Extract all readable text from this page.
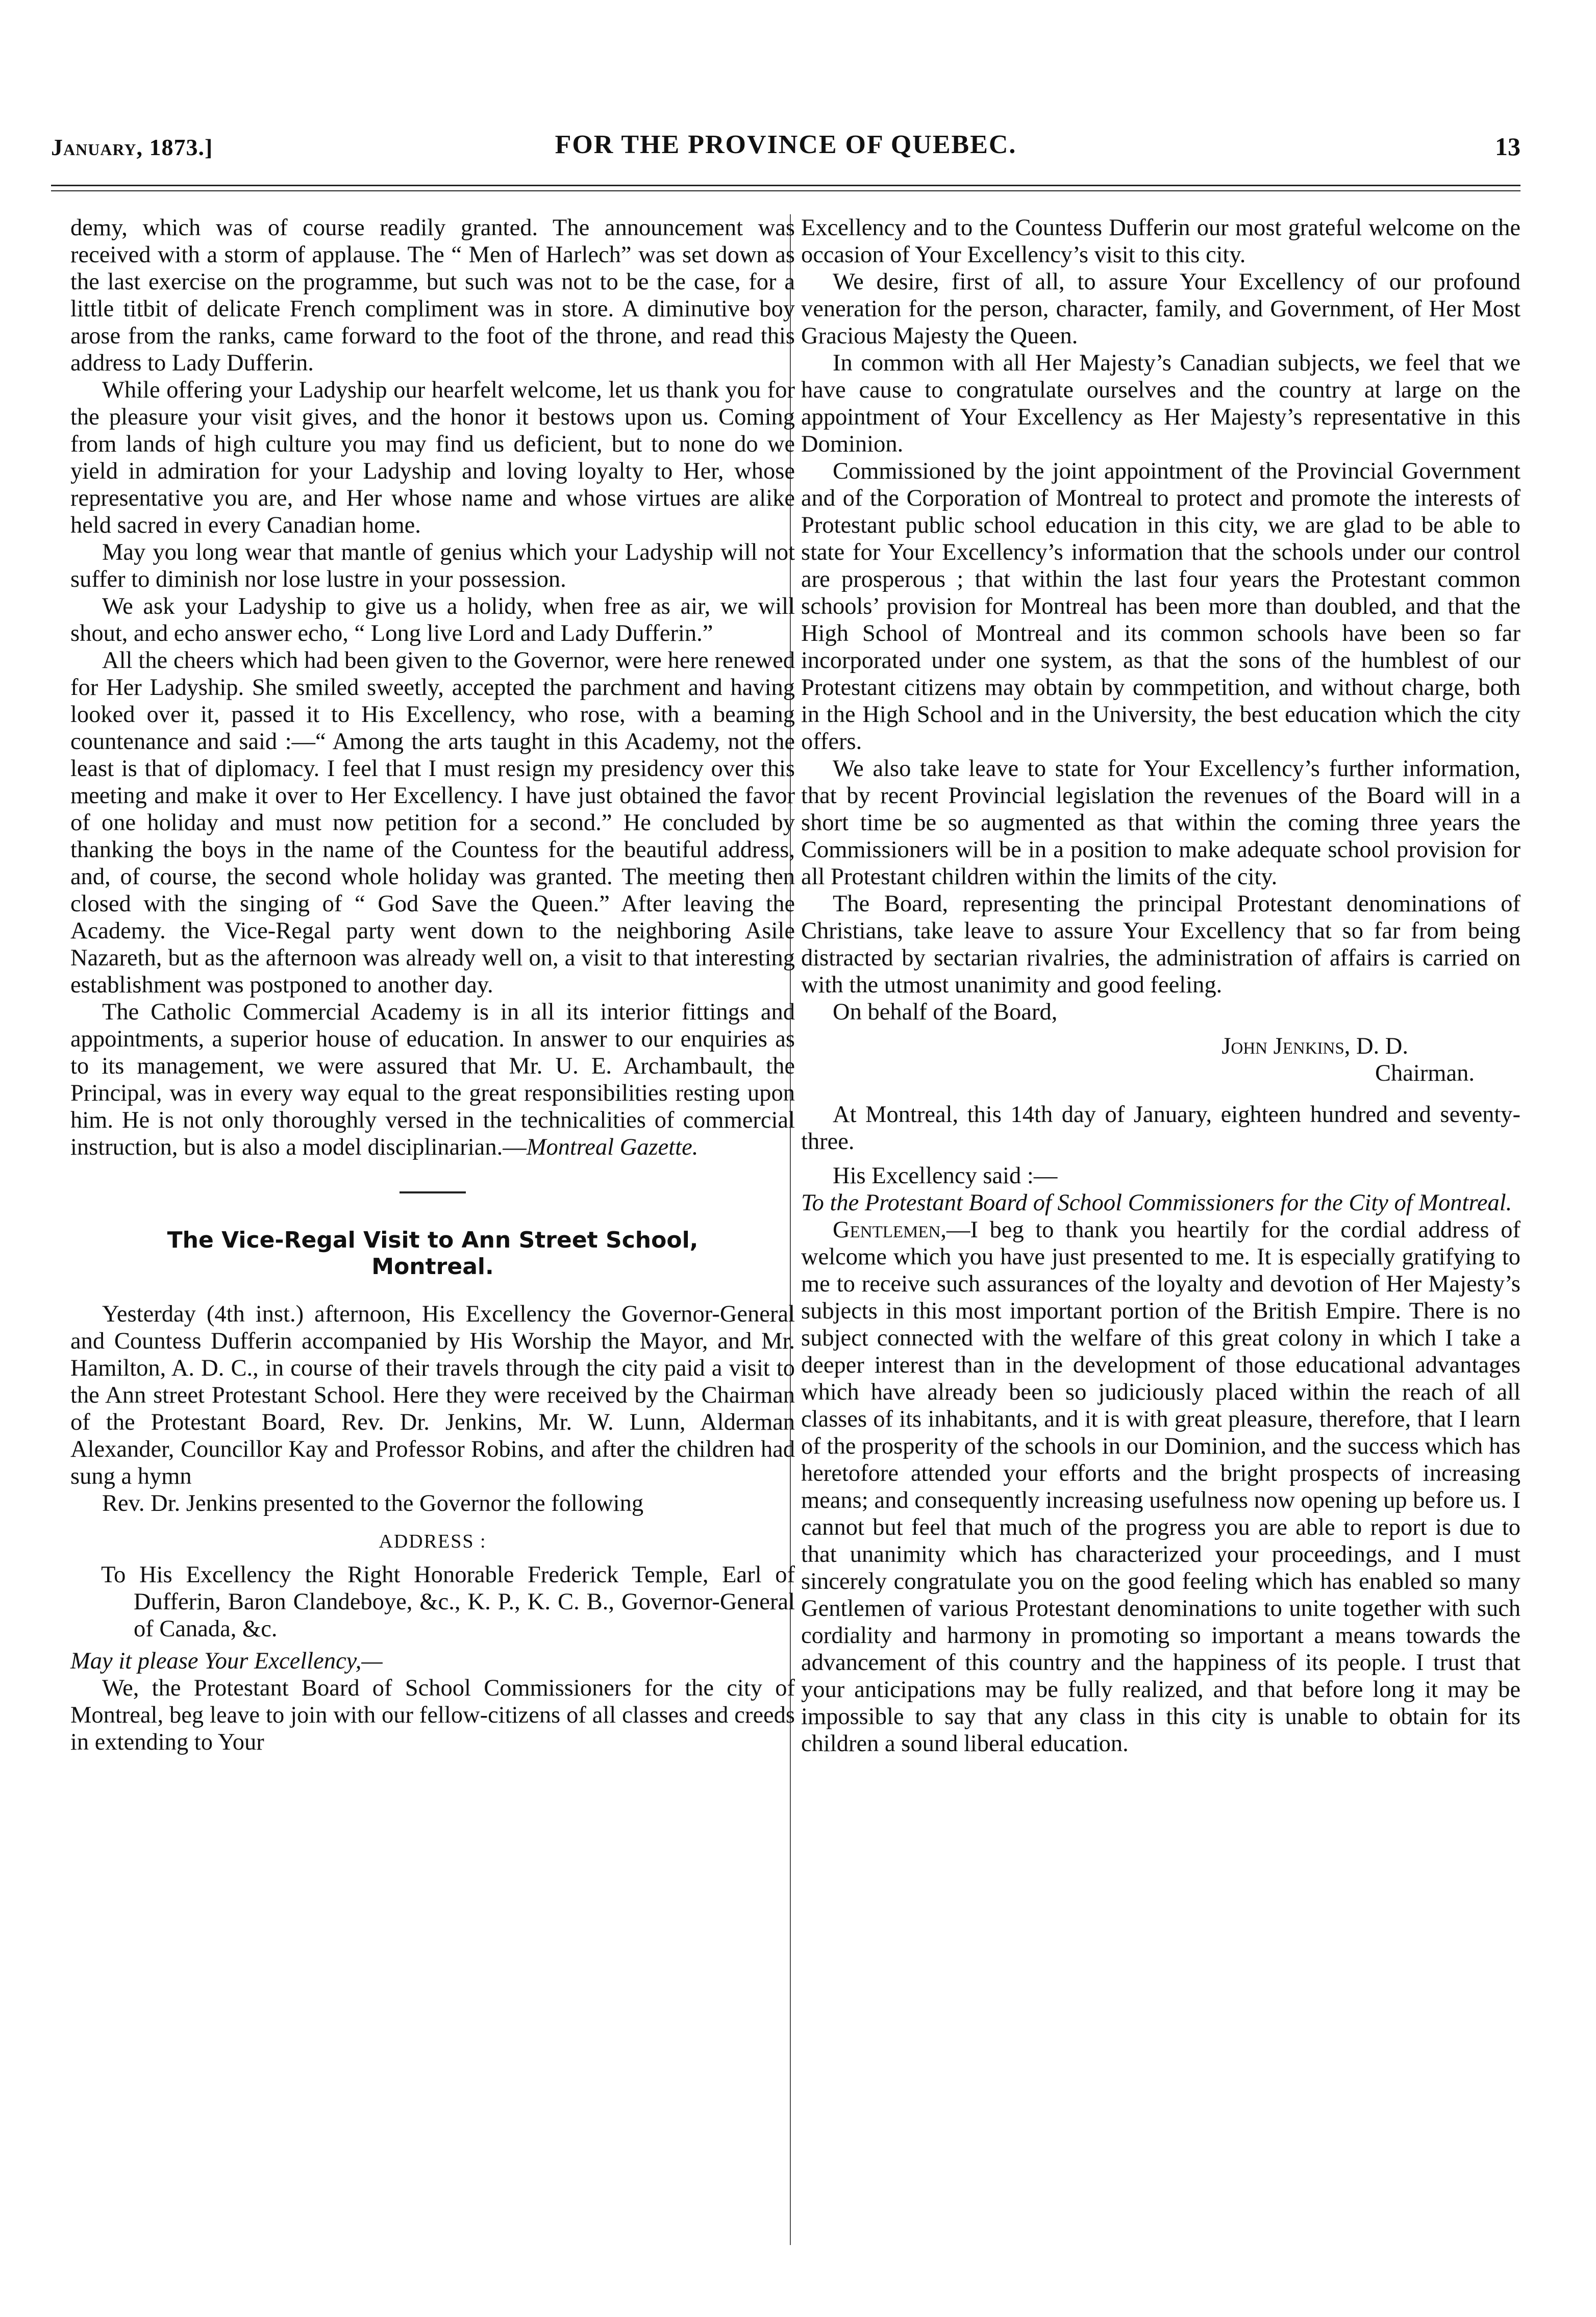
January, 1873.]	FOR THE PROVINCE OF QUEBEC.	13

demy, which was of course readily granted. The announcement was received with a storm of applause. The “ Men of Harlech” was set down as the last exercise on the programme, but such was not to be the case, for a little titbit of delicate French compliment was in store. A diminutive boy arose from the ranks, came forward to the foot of the throne, and read this address to Lady Dufferin.

While offering your Ladyship our hearfelt welcome, let us thank you for the pleasure your visit gives, and the honor it bestows upon us. Coming from lands of high culture you may find us deficient, but to none do we yield in admiration for your Ladyship and loving loyalty to Her, whose representative you are, and Her whose name and whose virtues are alike held sacred in every Canadian home.

May you long wear that mantle of genius which your Ladyship will not suffer to diminish nor lose lustre in your possession.

We ask your Ladyship to give us a holidy, when free as air, we will shout, and echo answer echo, “ Long live Lord and Lady Dufferin.”

All the cheers which had been given to the Governor, were here renewed for Her Ladyship. She smiled sweetly, accepted the parchment and having looked over it, passed it to His Excellency, who rose, with a beaming countenance and said :—“ Among the arts taught in this Academy, not the least is that of diplomacy. I feel that I must resign my presidency over this meeting and make it over to Her Excellency. I have just obtained the favor of one holiday and must now petition for a second.” He concluded by thanking the boys in the name of the Countess for the beautiful address, and, of course, the second whole holiday was granted. The meeting then closed with the singing of “ God Save the Queen.” After leaving the Academy. the Vice-Regal party went down to the neighboring Asile Nazareth, but as the afternoon was already well on, a visit to that interesting establishment was postponed to another day.

The Catholic Commercial Academy is in all its interior fittings and appointments, a superior house of education. In answer to our enquiries as to its management, we were assured that Mr. U. E. Archambault, the Principal, was in every way equal to the great responsibilities resting upon him. He is not only thoroughly versed in the technicalities of commercial instruction, but is also a model disciplinarian.—Montreal Gazette.

The Vice-Regal Visit to Ann Street School, Montreal.

Yesterday (4th inst.) afternoon, His Excellency the Governor-General and Countess Dufferin accompanied by His Worship the Mayor, and Mr. Hamilton, A. D. C., in course of their travels through the city paid a visit to the Ann street Protestant School. Here they were received by the Chairman of the Protestant Board, Rev. Dr. Jenkins, Mr. W. Lunn, Alderman Alexander, Councillor Kay and Professor Robins, and after the children had sung a hymn

Rev. Dr. Jenkins presented to the Governor the following

ADDRESS :

To His Excellency the Right Honorable Frederick Temple, Earl of Dufferin, Baron Clandeboye, &c., K. P., K. C. B., Governor-General of Canada, &c.

May it please Your Excellency,—

We, the Protestant Board of School Commissioners for the city of Montreal, beg leave to join with our fellow-citizens of all classes and creeds in extending to Your

Excellency and to the Countess Dufferin our most grateful welcome on the occasion of Your Excellency’s visit to this city.

We desire, first of all, to assure Your Excellency of our profound veneration for the person, character, family, and Government, of Her Most Gracious Majesty the Queen.

In common with all Her Majesty’s Canadian subjects, we feel that we have cause to congratulate ourselves and the country at large on the appointment of Your Excellency as Her Majesty’s representative in this Dominion.

Commissioned by the joint appointment of the Provincial Government and of the Corporation of Montreal to protect and promote the interests of Protestant public school education in this city, we are glad to be able to state for Your Excellency’s information that the schools under our control are prosperous ; that within the last four years the Protestant common schools’ provision for Montreal has been more than doubled, and that the High School of Montreal and its common schools have been so far incorporated under one system, as that the sons of the humblest of our Protestant citizens may obtain by commpetition, and without charge, both in the High School and in the University, the best education which the city offers.

We also take leave to state for Your Excellency’s further information, that by recent Provincial legislation the revenues of the Board will in a short time be so augmented as that within the coming three years the Commissioners will be in a position to make adequate school provision for all Protestant children within the limits of the city.

The Board, representing the principal Protestant denominations of Christians, take leave to assure Your Excellency that so far from being distracted by sectarian rivalries, the administration of affairs is carried on with the utmost unanimity and good feeling.

On behalf of the Board,

John Jenkins, D. D.
Chairman.

At Montreal, this 14th day of January, eighteen hundred and seventy-three.

His Excellency said :—

To the Protestant Board of School Commissioners for the City of Montreal.

Gentlemen,—I beg to thank you heartily for the cordial address of welcome which you have just presented to me. It is especially gratifying to me to receive such assurances of the loyalty and devotion of Her Majesty’s subjects in this most important portion of the British Empire. There is no subject connected with the welfare of this great colony in which I take a deeper interest than in the development of those educational advantages which have already been so judiciously placed within the reach of all classes of its inhabitants, and it is with great pleasure, therefore, that I learn of the prosperity of the schools in our Dominion, and the success which has heretofore attended your efforts and the bright prospects of increasing means; and consequently increasing usefulness now opening up before us. I cannot but feel that much of the progress you are able to report is due to that unanimity which has characterized your proceedings, and I must sincerely congratulate you on the good feeling which has enabled so many Gentlemen of various Protestant denominations to unite together with such cordiality and harmony in promoting so important a means towards the advancement of this country and the happiness of its people. I trust that your anticipations may be fully realized, and that before long it may be impossible to say that any class in this city is unable to obtain for its children a sound liberal education.
